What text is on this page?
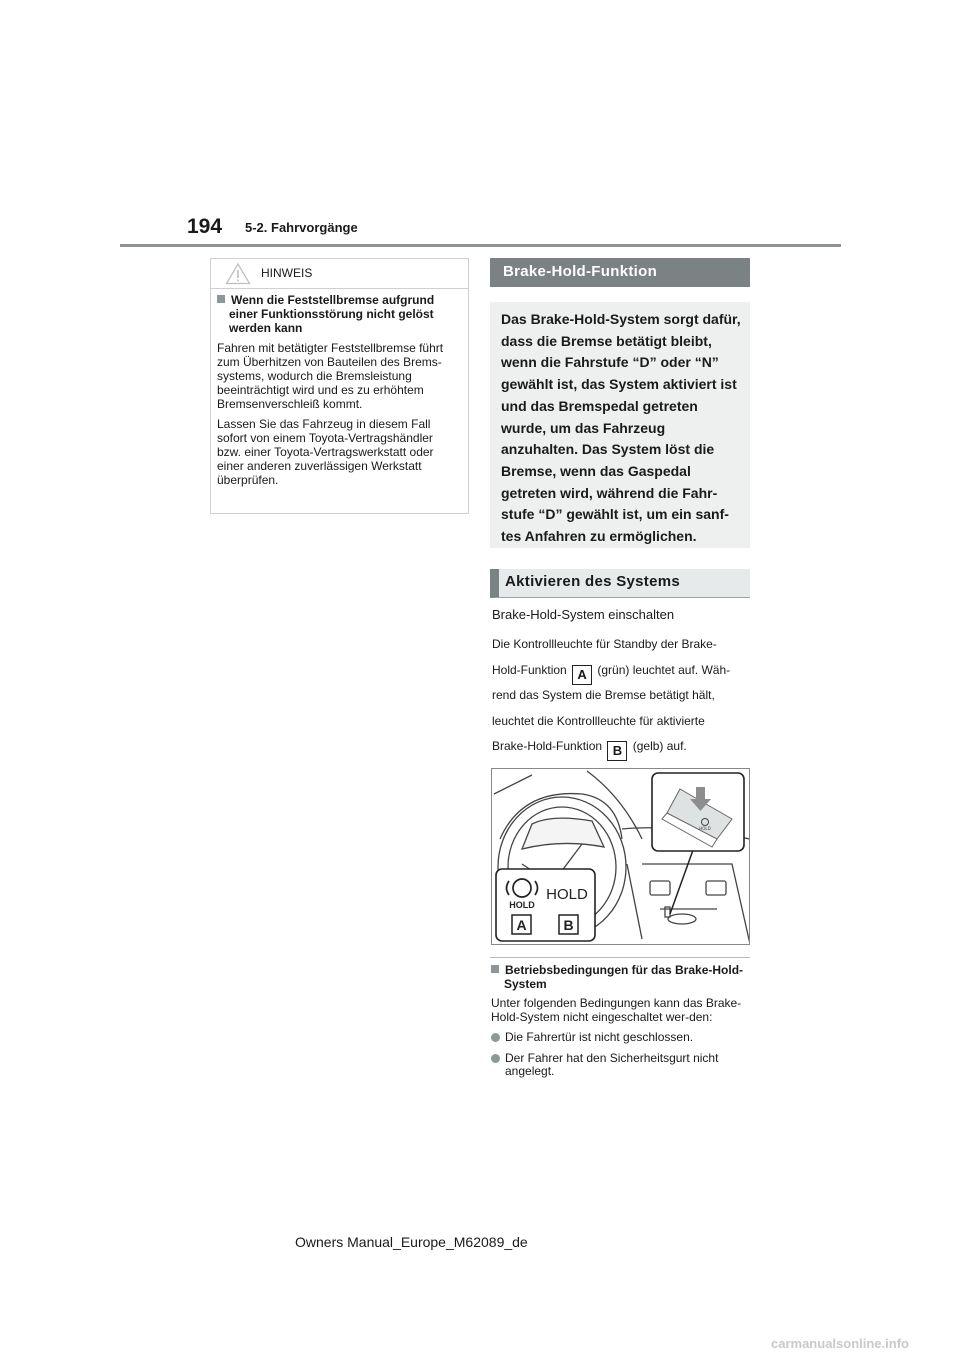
194 5-2. Fahrvorgänge
HINWEIS
Wenn die Feststellbremse aufgrund einer Funktionsstörung nicht gelöst werden kann
Fahren mit betätigter Feststellbremse führt zum Überhitzen von Bauteilen des Brems-systems, wodurch die Bremsleistung beeinträchtigt wird und es zu erhöhtem Bremsenverschleiß kommt.
Lassen Sie das Fahrzeug in diesem Fall sofort von einem Toyota-Vertragshändler bzw. einer Toyota-Vertragswerkstatt oder einer anderen zuverlässigen Werkstatt überprüfen.
Brake-Hold-Funktion
Das Brake-Hold-System sorgt dafür, dass die Bremse betätigt bleibt, wenn die Fahrstufe “D” oder “N” gewählt ist, das System aktiviert ist und das Bremspedal getreten wurde, um das Fahrzeug anzuhalten. Das System löst die Bremse, wenn das Gaspedal getreten wird, während die Fahr-stufe “D” gewählt ist, um ein sanf-tes Anfahren zu ermöglichen.
Aktivieren des Systems
Brake-Hold-System einschalten
Die Kontrollleuchte für Standby der Brake-
Hold-Funktion A (grün) leuchtet auf. Wäh-
rend das System die Bremse betätigt hält,
leuchtet die Kontrollleuchte für aktivierte
Brake-Hold-Funktion B (gelb) auf.
HOLD
HOLD
HOLD
A	B
Betriebsbedingungen für das Brake-Hold-System
Unter folgenden Bedingungen kann das Brake-Hold-System nicht eingeschaltet wer-den:
Die Fahrertür ist nicht geschlossen.
Der Fahrer hat den Sicherheitsgurt nicht angelegt.
Owners Manual_Europe_M62089_de
carmanualsonline.info
